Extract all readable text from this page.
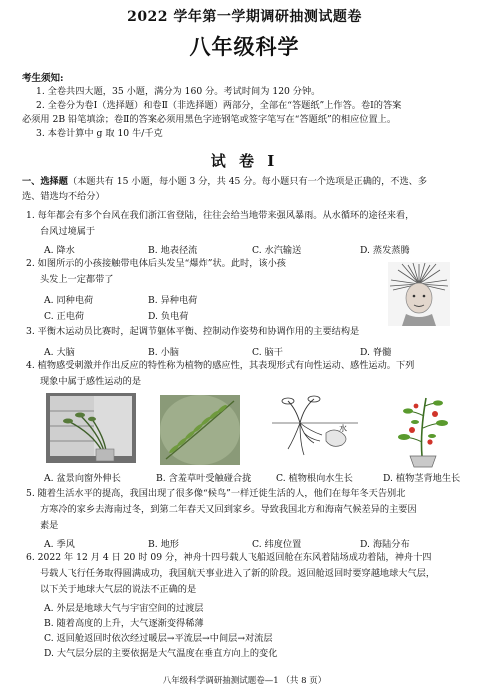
2022 学年第一学期调研抽测试题卷
八年级科学
考生须知:
1. 全卷共四大题，35 小题，满分为 160 分。考试时间为 120 分钟。
2. 全卷分为卷Ⅰ（选择题）和卷Ⅱ（非选择题）两部分，全部在“答题纸”上作答。卷Ⅰ的答案
必须用 2B 铅笔填涂；卷Ⅱ的答案必须用黑色字迹钢笔或签字笔写在“答题纸”的相应位置上。
3. 本卷计算中 g 取 10 牛/千克
试 卷 Ⅰ
一、选择题（本题共有 15 小题，每小题 3 分，共 45 分。每小题只有一个选项是正确的，不选、多
选、错选均不给分）
1. 每年都会有多个台风在我们浙江省登陆，往往会给当地带来强风暴雨。从水循环的途径来看，
台风过境属于
A. 降水	B. 地表径流	C. 水汽输送	D. 蒸发蒸腾
2. 如图所示的小孩接触带电体后头发呈“爆炸”状。此时，该小孩
头发上一定都带了
A. 同种电荷	B. 异种电荷
C. 正电荷	D. 负电荷
3. 平衡木运动员比赛时，起调节躯体平衡、控制动作姿势和协调作用的主要结构是
A. 大脑	B. 小脑	C. 脑干	D. 脊髓
4. 植物感受刺激并作出反应的特性称为植物的感应性，其表现形式有向性运动、感性运动。下列
现象中属于感性运动的是
水
A. 盆景向窗外伸长	B. 含羞草叶受触碰合拢	C. 植物根向水生长	D. 植物茎背地生长
5. 随着生活水平的提高，我国出现了很多像“候鸟”一样迁徙生活的人，他们在每年冬天告别北
方寒冷的家乡去海南过冬，到第二年春天又回到家乡。导致我国北方和海南气候差异的主要因
素是
A. 季风	B. 地形	C. 纬度位置	D. 海陆分布
6. 2022 年 12 月 4 日 20 时 09 分，神舟十四号载人飞船返回舱在东风着陆场成功着陆，神舟十四
号载人飞行任务取得圆满成功，我国航天事业进入了新的阶段。返回舱返回时要穿越地球大气层，
以下关于地球大气层的说法不正确的是
A. 外层是地球大气与宇宙空间的过渡层
B. 随着高度的上升，大气逐渐变得稀薄
C. 返回舱返回时依次经过暖层→平流层→中间层→对流层
D. 大气层分层的主要依据是大气温度在垂直方向上的变化
八年级科学调研抽测试题卷—1 （共 8 页）
